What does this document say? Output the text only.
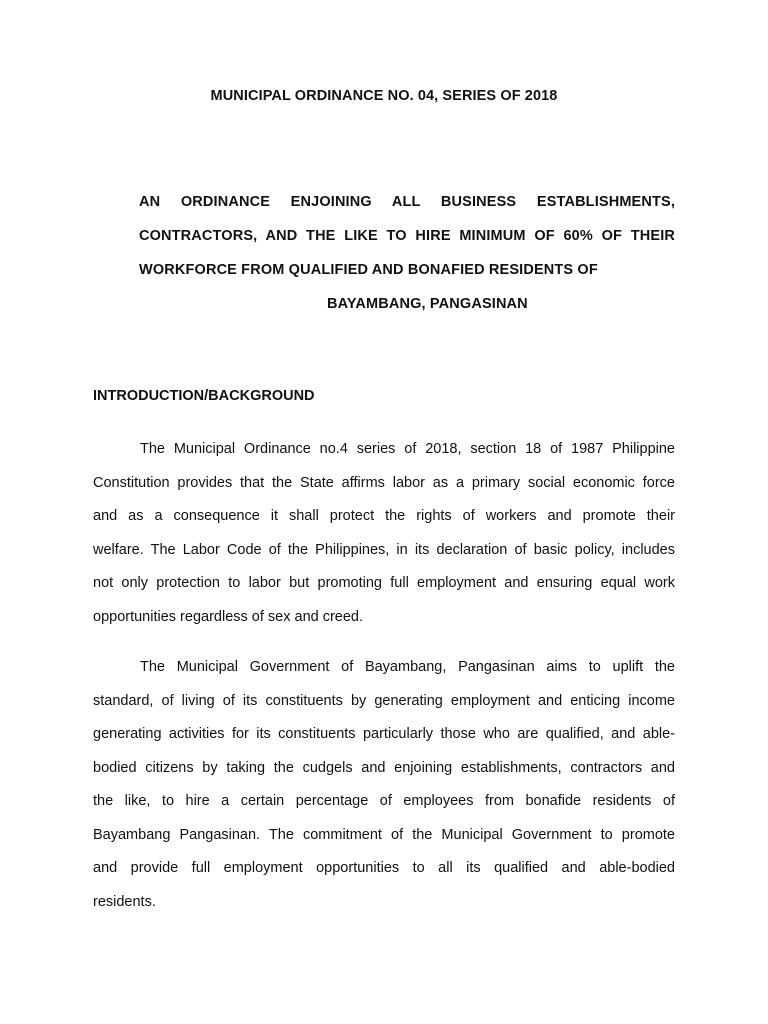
MUNICIPAL ORDINANCE NO. 04, SERIES OF 2018
AN ORDINANCE ENJOINING ALL BUSINESS ESTABLISHMENTS,
CONTRACTORS, AND THE LIKE TO HIRE MINIMUM OF 60% OF THEIR
WORKFORCE FROM QUALIFIED AND BONAFIED RESIDENTS OF
BAYAMBANG, PANGASINAN
INTRODUCTION/BACKGROUND
The Municipal Ordinance no.4 series of 2018, section 18 of 1987 Philippine
Constitution provides that the State affirms labor as a primary social economic force
and as a consequence it shall protect the rights of workers and promote their
welfare. The Labor Code of the Philippines, in its declaration of basic policy, includes
not only protection to labor but promoting full employment and ensuring equal work
opportunities regardless of sex and creed.
The Municipal Government of Bayambang, Pangasinan aims to uplift the
standard, of living of its constituents by generating employment and enticing income
generating activities for its constituents particularly those who are qualified, and able-
bodied citizens by taking the cudgels and enjoining establishments, contractors and
the like, to hire a certain percentage of employees from bonafide residents of
Bayambang Pangasinan. The commitment of the Municipal Government to promote
and provide full employment opportunities to all its qualified and able-bodied
residents.
